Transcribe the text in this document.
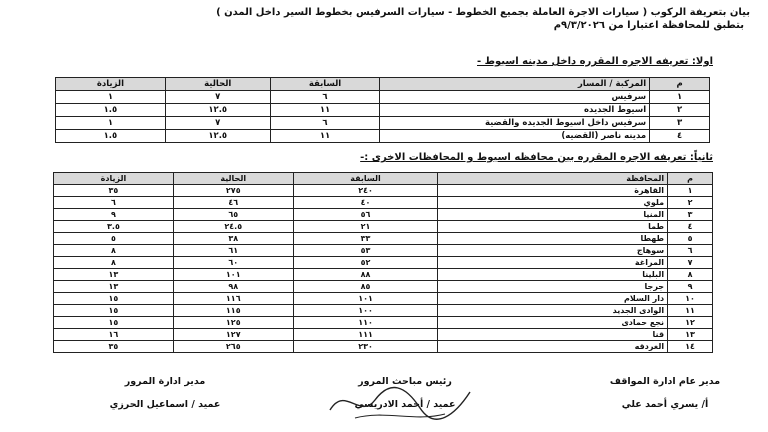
بيان بتعريفة الركوب ( سيارات الاجرة العاملة بجميع الخطوط - سيارات السرفيس بخطوط السير داخل المدن )
بتطبق للمحافظة اعتبارا من ٩/٣/٢٠٢٦م
اولا: تعريفه الاجره المقرره داخل مدينه اسيوط -
م	المركبة / المسار	السابقة	الحالية	الزيادة
١	سرفيس	٦	٧	١
٢	اسيوط الجديده	١١	١٢.٥	١.٥
٣	سرفيس داخل اسيوط الجديده والقضية	٦	٧	١
٤	مدينه ناصر (القضيه)	١١	١٢.٥	١.٥
ثانياً: تعريفه الاجره المقرره بين محافظه اسيوط و المحافظات الاخرى :-
م	المحافظة	السابقة	الحالية	الزيادة
١	القاهرة	٢٤٠	٢٧٥	٣٥
٢	ملوي	٤٠	٤٦	٦
٣	المنيا	٥٦	٦٥	٩
٤	طما	٢١	٢٤.٥	٣.٥
٥	طهطا	٣٣	٣٨	٥
٦	سوهاج	٥٣	٦١	٨
٧	المراغة	٥٢	٦٠	٨
٨	البلينا	٨٨	١٠١	١٣
٩	جرجا	٨٥	٩٨	١٣
١٠	دار السلام	١٠١	١١٦	١٥
١١	الوادى الجديد	١٠٠	١١٥	١٥
١٢	نجع حمادى	١١٠	١٢٥	١٥
١٣	قنا	١١١	١٢٧	١٦
١٤	الغردقه	٢٣٠	٢٦٥	٣٥
مدير عام ادارة المواقف
أ/ يسري أحمد علي
رئيس مباحث المرور
عميد / أحمد الادريسي
مدير ادارة المرور
عميد / اسماعيل الحرزي
